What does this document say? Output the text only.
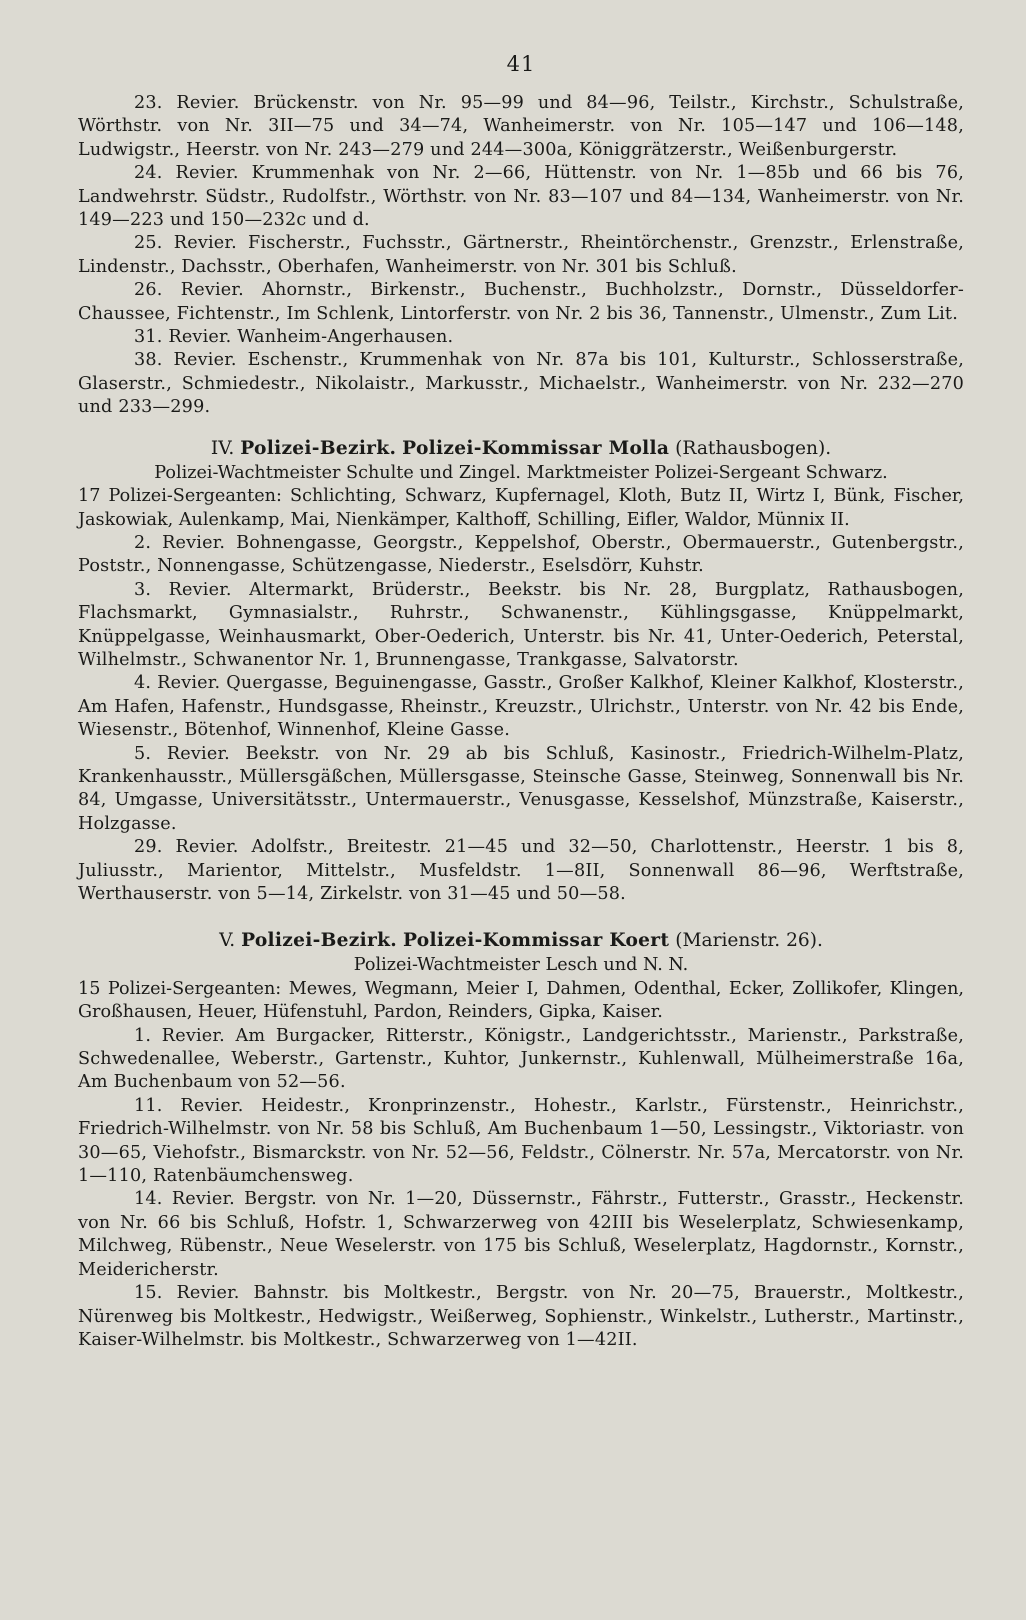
41

23. Revier. Brückenstr. von Nr. 95—99 und 84—96, Teilstr., Kirchstr., Schulstraße, Wörthstr. von Nr. 3II—75 und 34—74, Wanheimerstr. von Nr. 105—147 und 106—148, Ludwigstr., Heerstr. von Nr. 243—279 und 244—300a, Königgrätzerstr., Weißenburgerstr.

24. Revier. Krummenhak von Nr. 2—66, Hüttenstr. von Nr. 1—85b und 66 bis 76, Landwehrstr. Südstr., Rudolfstr., Wörthstr. von Nr. 83—107 und 84—134, Wanheimerstr. von Nr. 149—223 und 150—232c und d.

25. Revier. Fischerstr., Fuchsstr., Gärtnerstr., Rheintörchenstr., Grenzstr., Erlenstraße, Lindenstr., Dachsstr., Oberhafen, Wanheimerstr. von Nr. 301 bis Schluß.

26. Revier. Ahornstr., Birkenstr., Buchenstr., Buchholzstr., Dornstr., Düsseldorfer-Chaussee, Fichtenstr., Im Schlenk, Lintorferstr. von Nr. 2 bis 36, Tannenstr., Ulmenstr., Zum Lit.

31. Revier. Wanheim-Angerhausen.

38. Revier. Eschenstr., Krummenhak von Nr. 87a bis 101, Kulturstr., Schlosserstraße, Glaserstr., Schmiedestr., Nikolaistr., Markusstr., Michaelstr., Wanheimerstr. von Nr. 232—270 und 233—299.

IV. Polizei-Bezirk. Polizei-Kommissar Molla (Rathausbogen).

Polizei-Wachtmeister Schulte und Zingel. Marktmeister Polizei-Sergeant Schwarz.

17 Polizei-Sergeanten: Schlichting, Schwarz, Kupfernagel, Kloth, Butz II, Wirtz I, Bünk, Fischer, Jaskowiak, Aulenkamp, Mai, Nienkämper, Kalthoff, Schilling, Eifler, Waldor, Münnix II.

2. Revier. Bohnengasse, Georgstr., Keppelshof, Oberstr., Obermauerstr., Gutenbergstr., Poststr., Nonnengasse, Schützengasse, Niederstr., Eselsdörr, Kuhstr.

3. Revier. Altermarkt, Brüderstr., Beekstr. bis Nr. 28, Burgplatz, Rathausbogen, Flachsmarkt, Gymnasialstr., Ruhrstr., Schwanenstr., Kühlingsgasse, Knüppelmarkt, Knüppelgasse, Weinhausmarkt, Ober-Oederich, Unterstr. bis Nr. 41, Unter-Oederich, Peterstal, Wilhelmstr., Schwanentor Nr. 1, Brunnengasse, Trankgasse, Salvatorstr.

4. Revier. Quergasse, Beguinengasse, Gasstr., Großer Kalkhof, Kleiner Kalkhof, Klosterstr., Am Hafen, Hafenstr., Hundsgasse, Rheinstr., Kreuzstr., Ulrichstr., Unterstr. von Nr. 42 bis Ende, Wiesenstr., Bötenhof, Winnenhof, Kleine Gasse.

5. Revier. Beekstr. von Nr. 29 ab bis Schluß, Kasinostr., Friedrich-Wilhelm-Platz, Krankenhausstr., Müllersgäßchen, Müllersgasse, Steinsche Gasse, Steinweg, Sonnenwall bis Nr. 84, Umgasse, Universitätsstr., Untermauerstr., Venusgasse, Kesselshof, Münzstraße, Kaiserstr., Holzgasse.

29. Revier. Adolfstr., Breitestr. 21—45 und 32—50, Charlottenstr., Heerstr. 1 bis 8, Juliusstr., Marientor, Mittelstr., Musfeldstr. 1—8II, Sonnenwall 86—96, Werftstraße, Werthauserstr. von 5—14, Zirkelstr. von 31—45 und 50—58.

V. Polizei-Bezirk. Polizei-Kommissar Koert (Marienstr. 26).

Polizei-Wachtmeister Lesch und N. N.

15 Polizei-Sergeanten: Mewes, Wegmann, Meier I, Dahmen, Odenthal, Ecker, Zollikofer, Klingen, Großhausen, Heuer, Hüfenstuhl, Pardon, Reinders, Gipka, Kaiser.

1. Revier. Am Burgacker, Ritterstr., Königstr., Landgerichtsstr., Marienstr., Parkstraße, Schwedenallee, Weberstr., Gartenstr., Kuhtor, Junkernstr., Kuhlenwall, Mülheimerstraße 16a, Am Buchenbaum von 52—56.

11. Revier. Heidestr., Kronprinzenstr., Hohestr., Karlstr., Fürstenstr., Heinrichstr., Friedrich-Wilhelmstr. von Nr. 58 bis Schluß, Am Buchenbaum 1—50, Lessingstr., Viktoriastr. von 30—65, Viehofstr., Bismarckstr. von Nr. 52—56, Feldstr., Cölnerstr. Nr. 57a, Mercatorstr. von Nr. 1—110, Ratenbäumchensweg.

14. Revier. Bergstr. von Nr. 1—20, Düssernstr., Fährstr., Futterstr., Grasstr., Heckenstr. von Nr. 66 bis Schluß, Hofstr. 1, Schwarzerweg von 42III bis Weselerplatz, Schwiesenkamp, Milchweg, Rübenstr., Neue Weselerstr. von 175 bis Schluß, Weselerplatz, Hagdornstr., Kornstr., Meidericherstr.

15. Revier. Bahnstr. bis Moltkestr., Bergstr. von Nr. 20—75, Brauerstr., Moltkestr., Nürenweg bis Moltkestr., Hedwigstr., Weißerweg, Sophienstr., Winkelstr., Lutherstr., Martinstr., Kaiser-Wilhelmstr. bis Moltkestr., Schwarzerweg von 1—42II.
